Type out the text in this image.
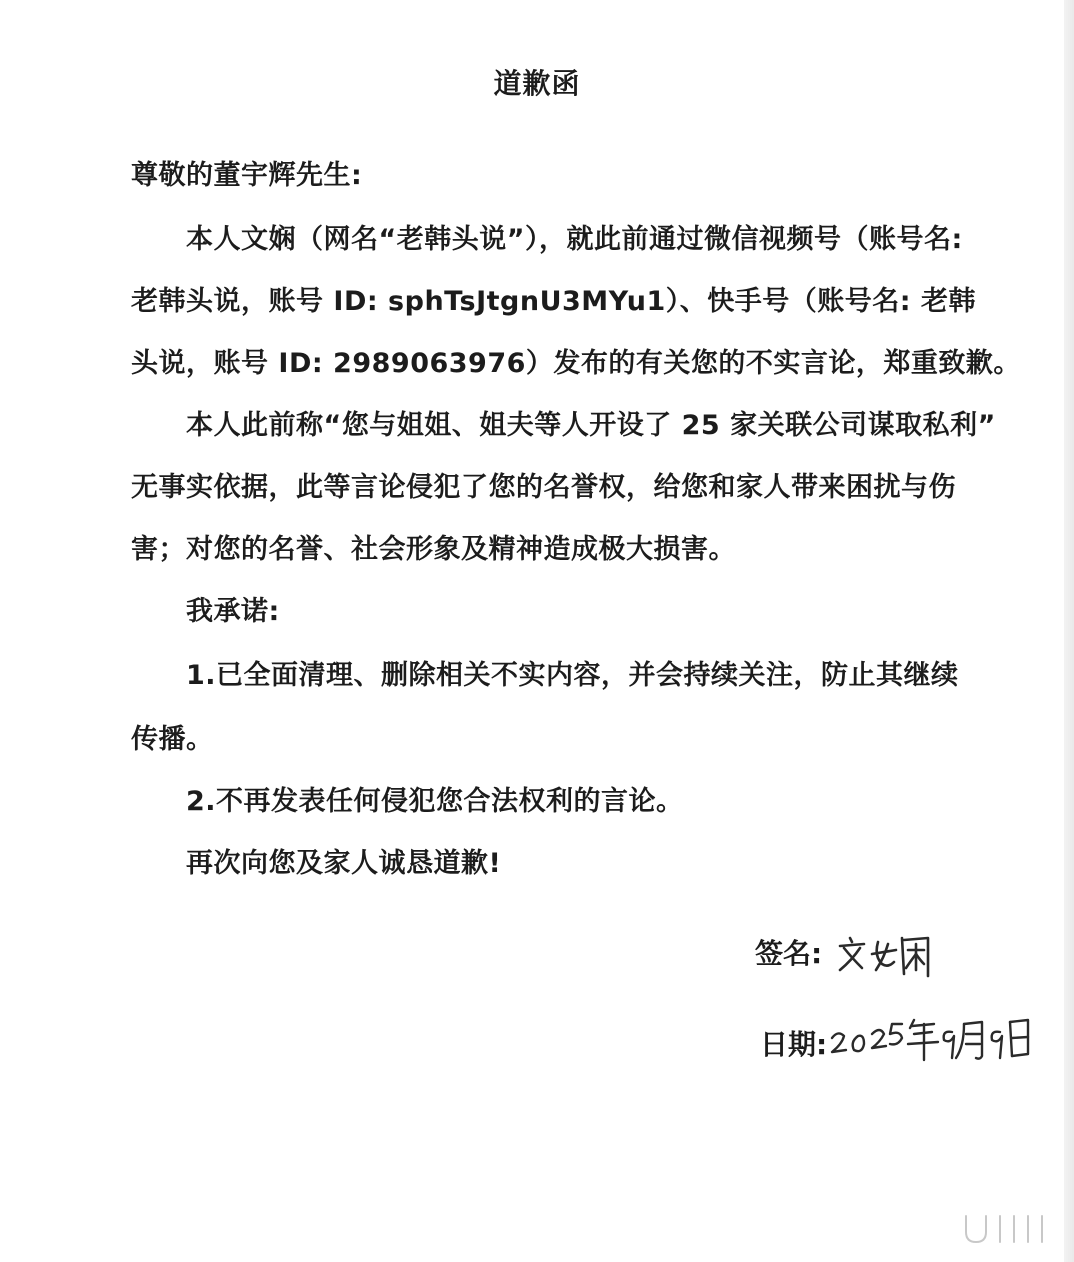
道歉函
尊敬的董宇辉先生:
本人文娴（网名“老韩头说”），就此前通过微信视频号（账号名:
老韩头说，账号 ID: sphTsJtgnU3MYu1）、快手号（账号名: 老韩
头说，账号 ID: 2989063976）发布的有关您的不实言论，郑重致歉。
本人此前称“您与姐姐、姐夫等人开设了 25 家关联公司谋取私利”
无事实依据，此等言论侵犯了您的名誉权，给您和家人带来困扰与伤
害；对您的名誉、社会形象及精神造成极大损害。
我承诺:
1.已全面清理、删除相关不实内容，并会持续关注，防止其继续
传播。
2.不再发表任何侵犯您合法权利的言论。
再次向您及家人诚恳道歉!
签名:
日期:
